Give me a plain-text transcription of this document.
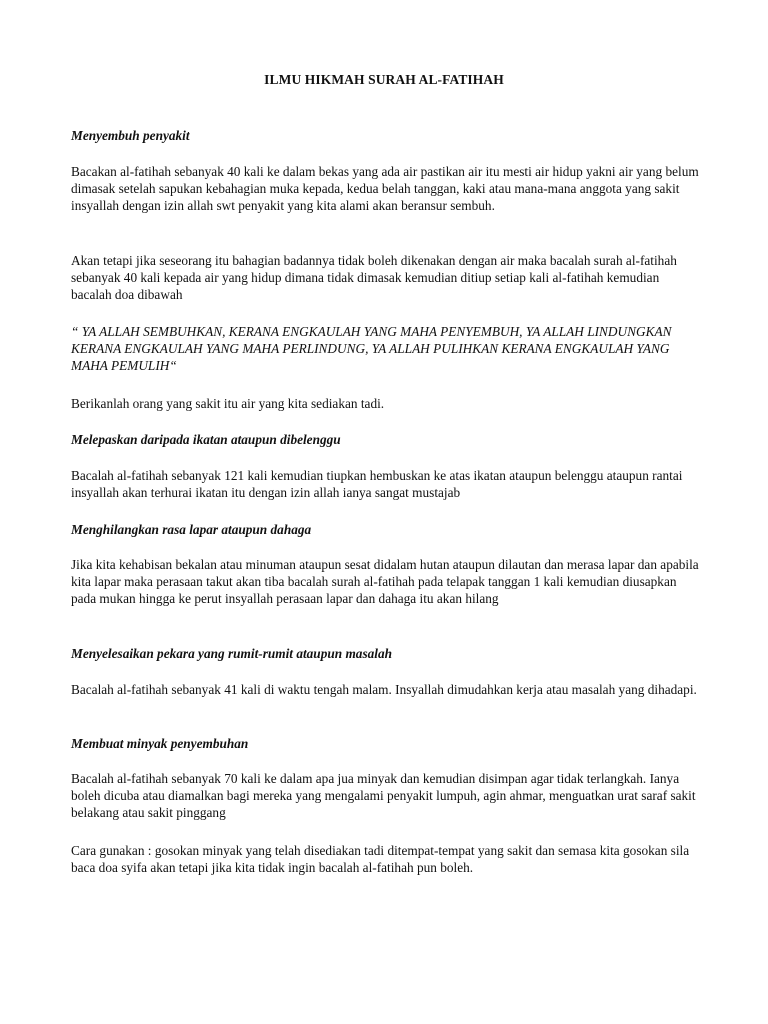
ILMU HIKMAH SURAH AL-FATIHAH

Menyembuh penyakit

Bacakan al-fatihah sebanyak 40 kali ke dalam bekas yang ada air pastikan air itu mesti air hidup yakni air yang belum dimasak setelah sapukan kebahagian muka kepada, kedua belah tanggan, kaki atau mana-mana anggota yang sakit insyallah dengan izin allah swt penyakit yang kita alami akan beransur sembuh.

Akan tetapi jika seseorang itu bahagian badannya tidak boleh dikenakan dengan air maka bacalah surah al-fatihah sebanyak 40 kali kepada air yang hidup dimana tidak dimasak kemudian ditiup setiap kali al-fatihah kemudian bacalah doa dibawah

“ YA ALLAH SEMBUHKAN, KERANA ENGKAULAH YANG MAHA PENYEMBUH, YA ALLAH LINDUNGKAN KERANA ENGKAULAH YANG MAHA PERLINDUNG, YA ALLAH PULIHKAN KERANA ENGKAULAH YANG MAHA PEMULIH“

Berikanlah orang yang sakit itu air yang kita sediakan tadi.

Melepaskan daripada ikatan ataupun dibelenggu

Bacalah al-fatihah sebanyak 121 kali kemudian tiupkan hembuskan ke atas ikatan ataupun belenggu ataupun rantai insyallah akan terhurai ikatan itu dengan izin allah ianya sangat mustajab

Menghilangkan rasa lapar ataupun dahaga

Jika kita kehabisan bekalan atau minuman ataupun sesat didalam hutan ataupun dilautan dan merasa lapar dan apabila kita lapar maka perasaan takut akan tiba bacalah surah al-fatihah pada telapak tanggan 1 kali kemudian diusapkan pada mukan hingga ke perut insyallah perasaan lapar dan dahaga itu akan hilang

Menyelesaikan pekara yang rumit-rumit ataupun masalah

Bacalah al-fatihah sebanyak 41 kali di waktu tengah malam. Insyallah dimudahkan kerja atau masalah yang dihadapi.

Membuat minyak penyembuhan

Bacalah al-fatihah sebanyak 70 kali ke dalam apa jua minyak dan kemudian disimpan agar tidak terlangkah. Ianya boleh dicuba atau diamalkan bagi mereka yang mengalami penyakit lumpuh, agin ahmar, menguatkan urat saraf sakit belakang atau sakit pinggang

Cara gunakan : gosokan minyak yang telah disediakan tadi ditempat-tempat yang sakit dan semasa kita gosokan sila baca doa syifa akan tetapi jika kita tidak ingin bacalah al-fatihah pun boleh.
